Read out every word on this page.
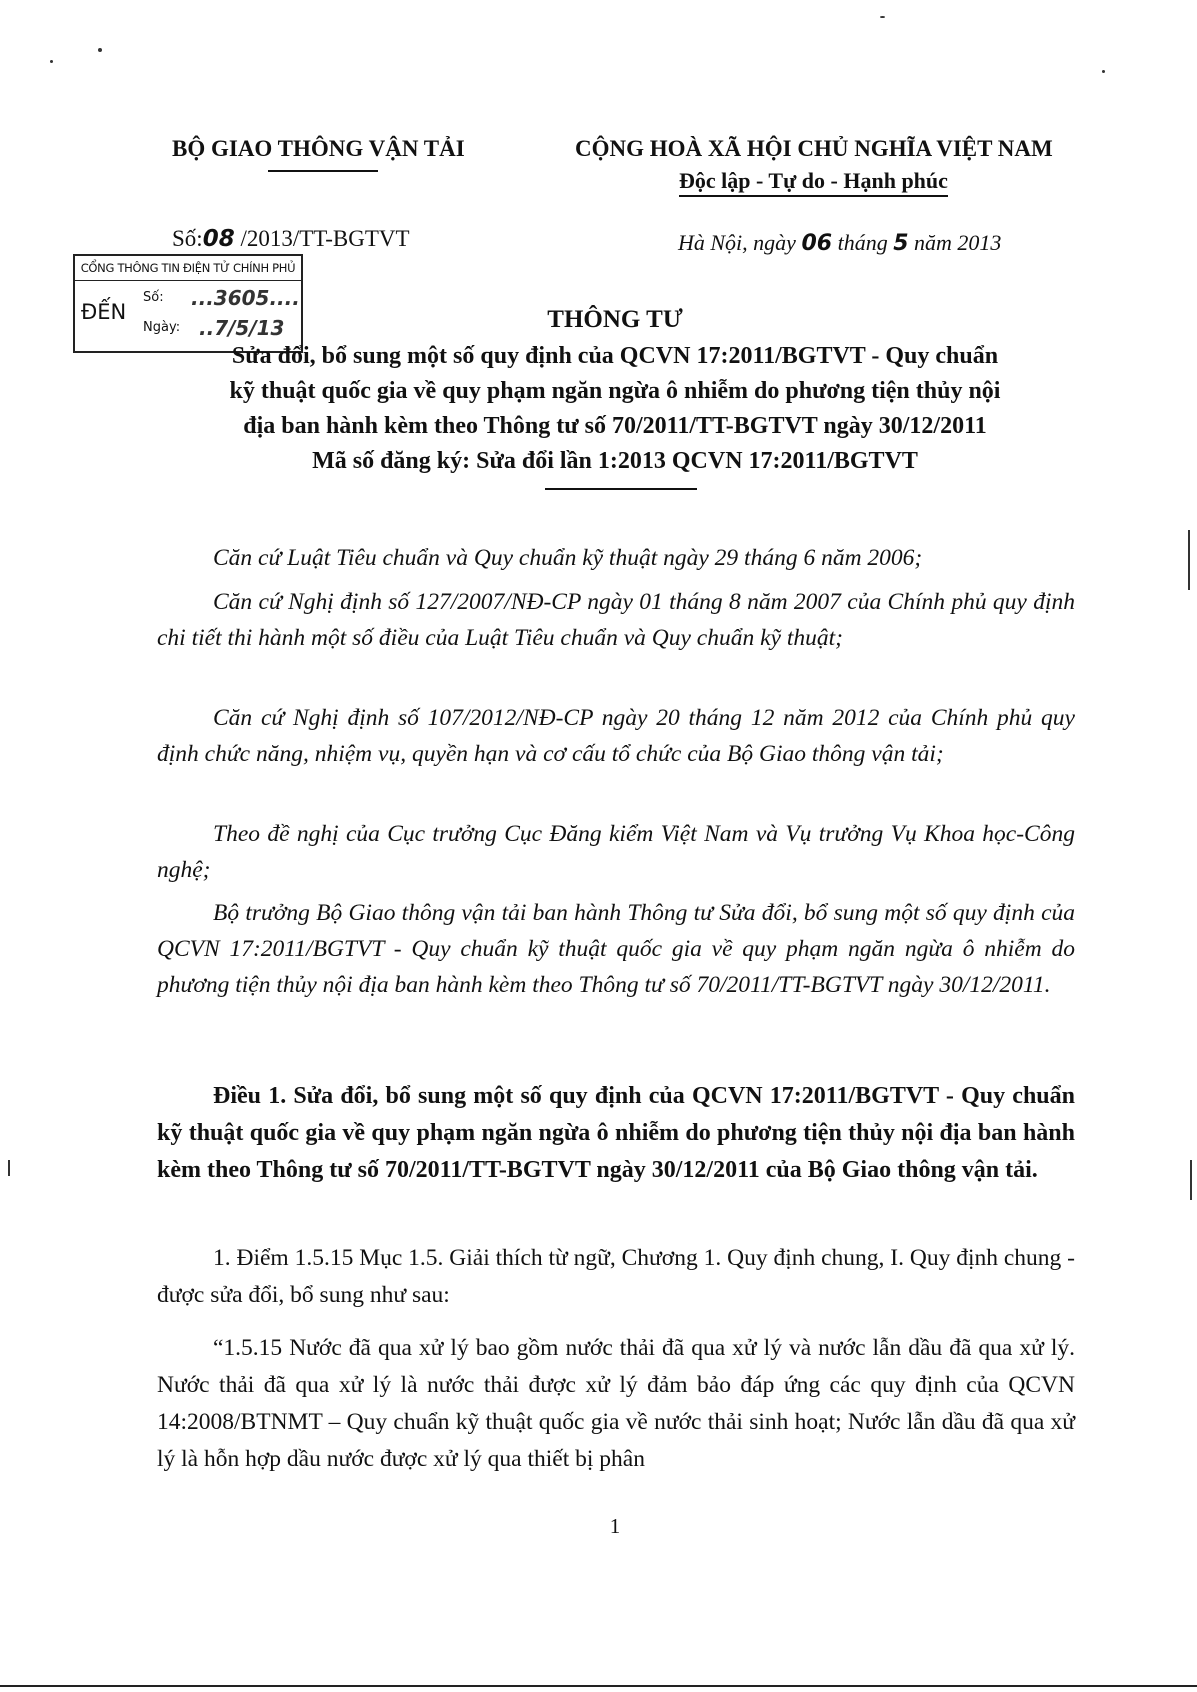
BỘ GIAO THÔNG VẬN TẢI	CỘNG HOÀ XÃ HỘI CHỦ NGHĨA VIỆT NAM
Độc lập - Tự do - Hạnh phúc
Số:08 /2013/TT-BGTVT	Hà Nội, ngày 06 tháng 5 năm 2013
CỔNG THÔNG TIN ĐIỆN TỬ CHÍNH PHỦ
ĐẾN
Số: ...3605....
Ngày: ..7/5/13	THÔNG TƯ
Sửa đổi, bổ sung một số quy định của QCVN 17:2011/BGTVT - Quy chuẩn
kỹ thuật quốc gia về quy phạm ngăn ngừa ô nhiễm do phương tiện thủy nội
địa ban hành kèm theo Thông tư số 70/2011/TT-BGTVT ngày 30/12/2011
Mã số đăng ký: Sửa đổi lần 1:2013 QCVN 17:2011/BGTVT
Căn cứ Luật Tiêu chuẩn và Quy chuẩn kỹ thuật ngày 29 tháng 6 năm 2006;
Căn cứ Nghị định số 127/2007/NĐ-CP ngày 01 tháng 8 năm 2007 của Chính phủ quy định chi tiết thi hành một số điều của Luật Tiêu chuẩn và Quy chuẩn kỹ thuật;
Căn cứ Nghị định số 107/2012/NĐ-CP ngày 20 tháng 12 năm 2012 của Chính phủ quy định chức năng, nhiệm vụ, quyền hạn và cơ cấu tổ chức của Bộ Giao thông vận tải;
Theo đề nghị của Cục trưởng Cục Đăng kiểm Việt Nam và Vụ trưởng Vụ Khoa học-Công nghệ;
Bộ trưởng Bộ Giao thông vận tải ban hành Thông tư Sửa đổi, bổ sung một số quy định của QCVN 17:2011/BGTVT - Quy chuẩn kỹ thuật quốc gia về quy phạm ngăn ngừa ô nhiễm do phương tiện thủy nội địa ban hành kèm theo Thông tư số 70/2011/TT-BGTVT ngày 30/12/2011.
Điều 1. Sửa đổi, bổ sung một số quy định của QCVN 17:2011/BGTVT - Quy chuẩn kỹ thuật quốc gia về quy phạm ngăn ngừa ô nhiễm do phương tiện thủy nội địa ban hành kèm theo Thông tư số 70/2011/TT-BGTVT ngày 30/12/2011 của Bộ Giao thông vận tải.
1. Điểm 1.5.15 Mục 1.5. Giải thích từ ngữ, Chương 1. Quy định chung, I. Quy định chung - được sửa đổi, bổ sung như sau:
“1.5.15 Nước đã qua xử lý bao gồm nước thải đã qua xử lý và nước lẫn dầu đã qua xử lý. Nước thải đã qua xử lý là nước thải được xử lý đảm bảo đáp ứng các quy định của QCVN 14:2008/BTNMT – Quy chuẩn kỹ thuật quốc gia về nước thải sinh hoạt; Nước lẫn dầu đã qua xử lý là hỗn hợp dầu nước được xử lý qua thiết bị phân
1
